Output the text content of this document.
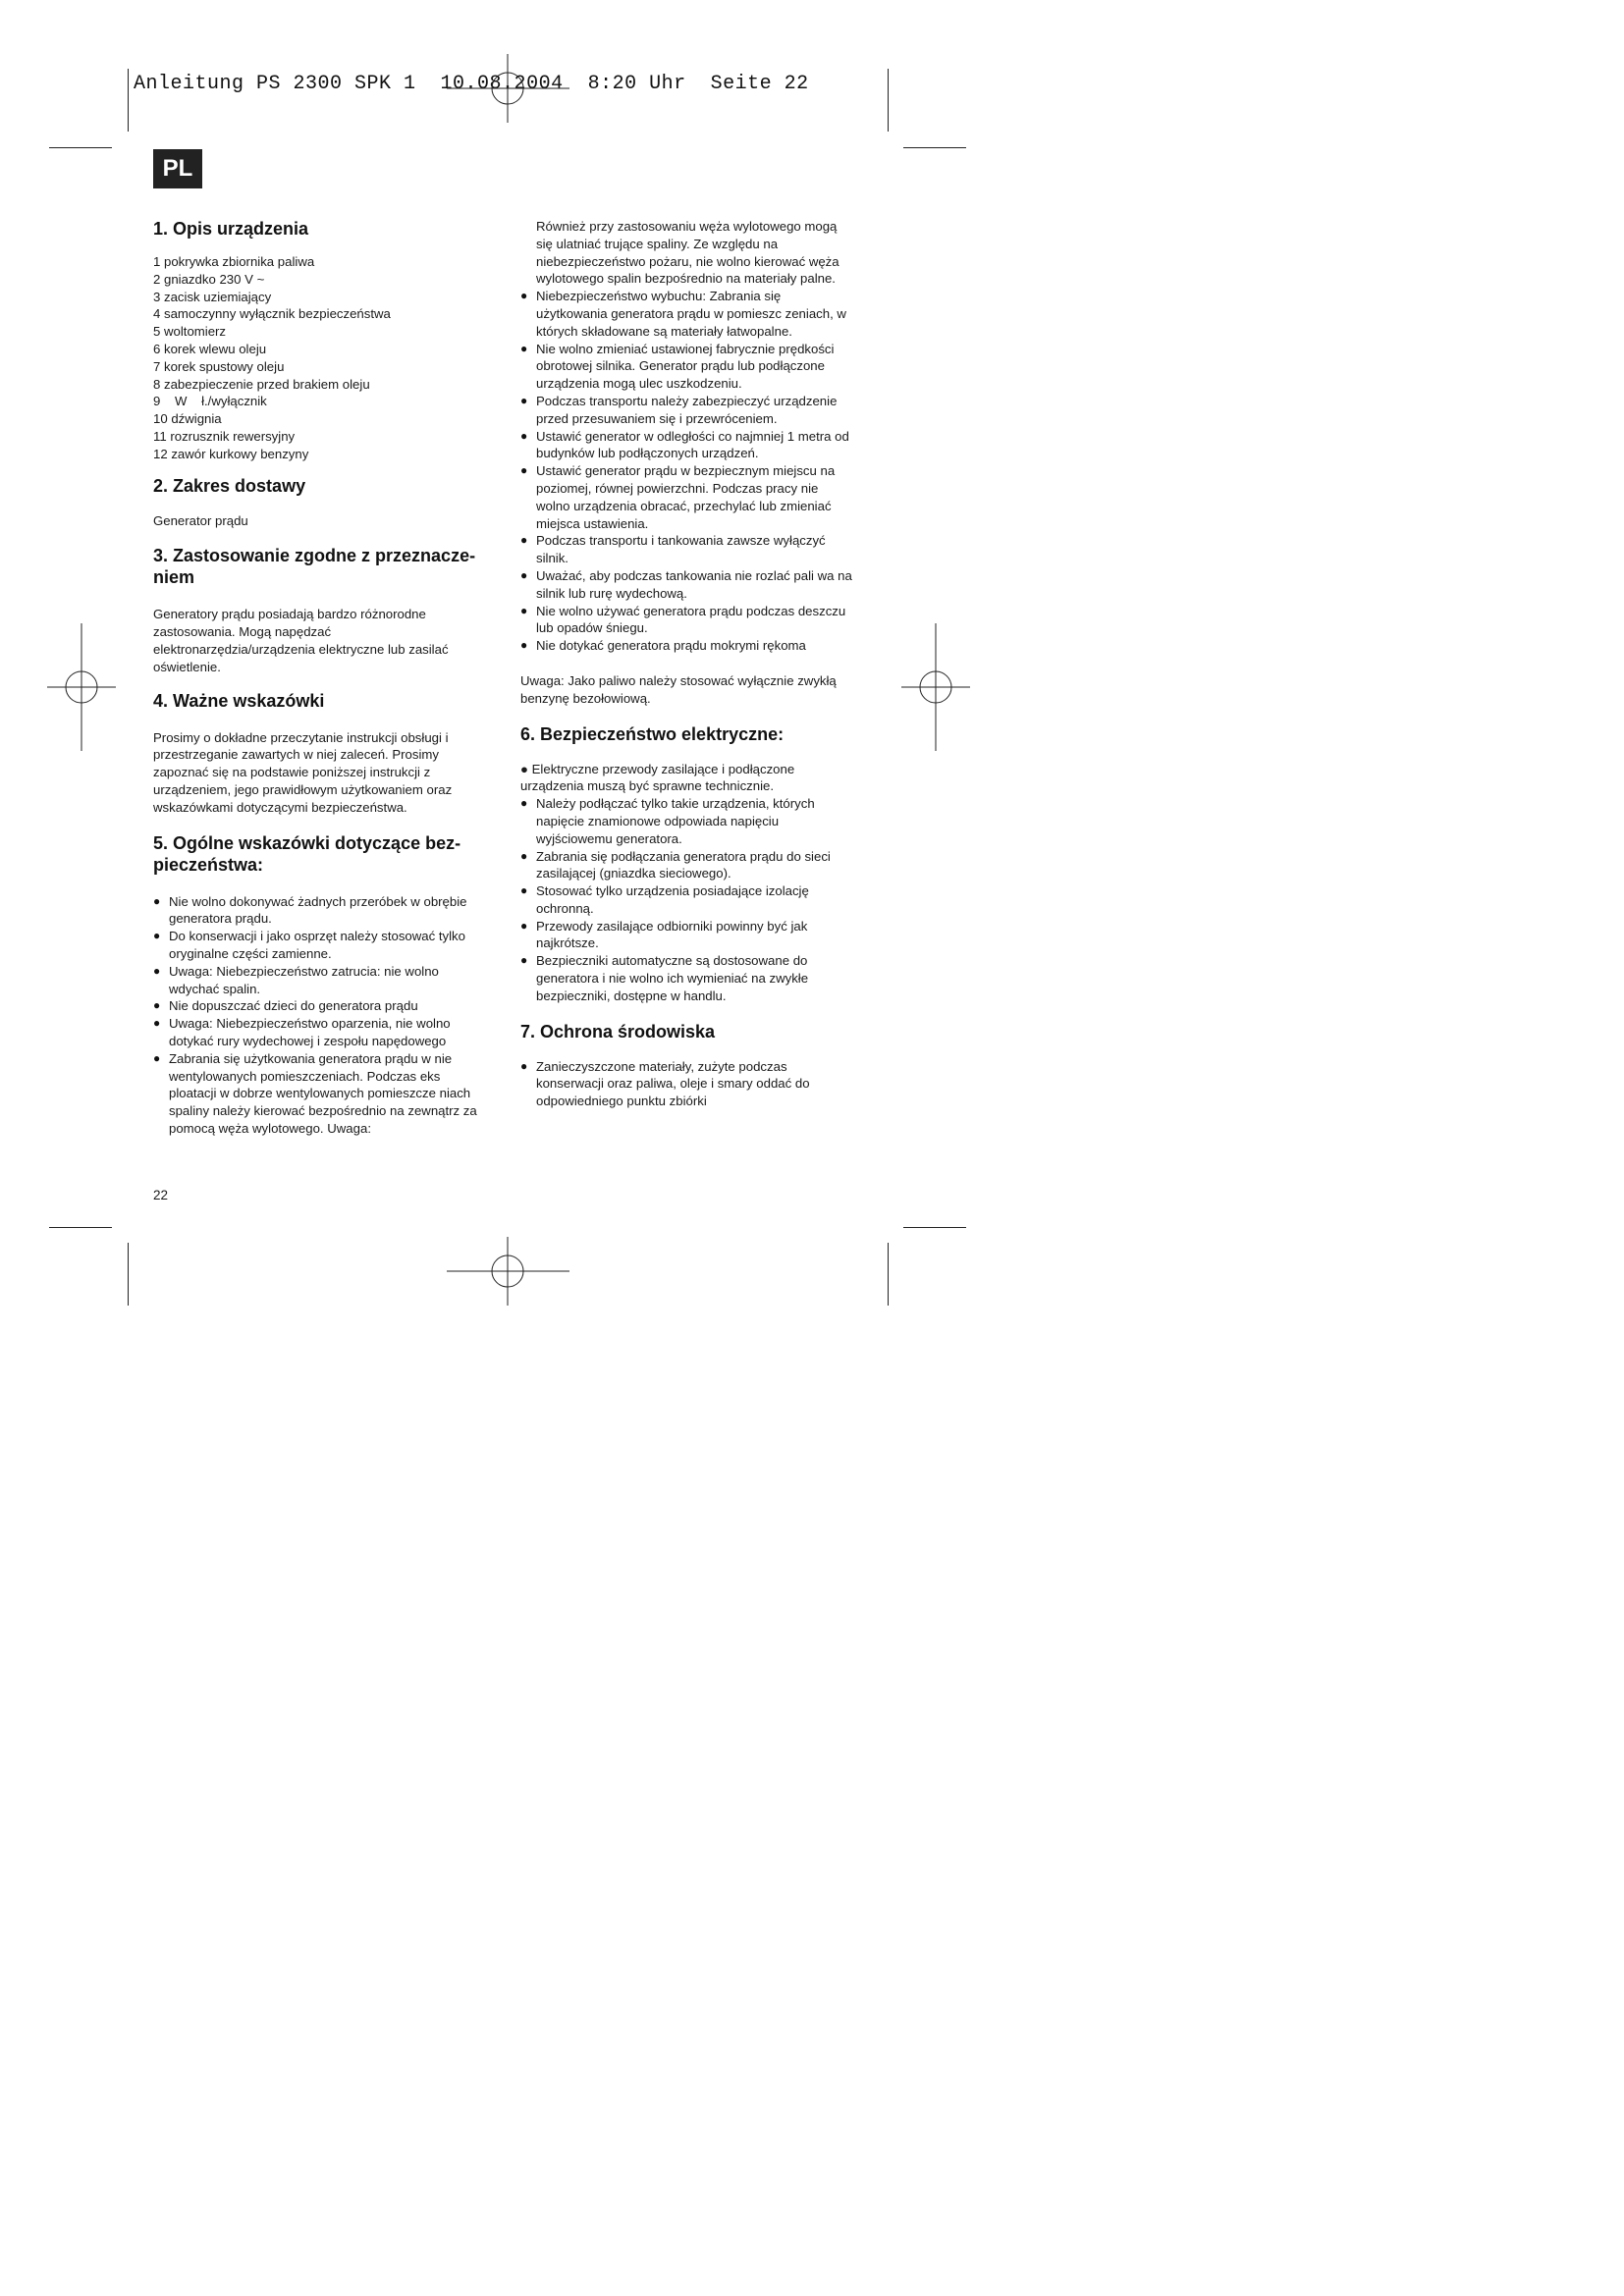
Anleitung PS 2300 SPK 1  10.08.2004  8:20 Uhr  Seite 22
PL
1. Opis urządzenia
1 pokrywka zbiornika paliwa
2 gniazdko 230 V ~
3 zacisk uziemiający
4 samoczynny wyłącznik bezpieczeństwa
5 woltomierz
6 korek wlewu oleju
7 korek spustowy oleju
8 zabezpieczenie przed brakiem oleju
9    W    ł./wyłącznik
10 dźwignia
11 rozrusznik rewersyjny
12 zawór kurkowy benzyny
2. Zakres dostawy

Generator prądu

3. Zastosowanie zgodne z przeznacze-niem

Generatory prądu posiadają bardzo różnorodne zastosowania. Mogą napędzać elektronarzędzia/urządzenia elektryczne lub zasilać oświetlenie.

4. Ważne wskazówki

Prosimy o dokładne przeczytanie instrukcji obsługi i przestrzeganie zawartych w niej zaleceń. Prosimy zapoznać się na podstawie poniższej instrukcji z urządzeniem, jego prawidłowym użytkowaniem oraz wskazówkami dotyczącymi bezpieczeństwa.

5. Ogólne wskazówki dotyczące bez-pieczeństwa:
● Nie wolno dokonywać żadnych przeróbek w obrębie generatora prądu.
● Do konserwacji i jako osprzęt należy stosować tylko oryginalne części zamienne.
● Uwaga: Niebezpieczeństwo zatrucia: nie wolno wdychać spalin.
● Nie dopuszczać dzieci do generatora prądu
● Uwaga: Niebezpieczeństwo oparzenia, nie wolno dotykać rury wydechowej i zespołu napędowego
● Zabrania się użytkowania generatora prądu w nie wentylowanych pomieszczeniach. Podczas eks ploatacji w dobrze wentylowanych pomieszcze niach spaliny należy kierować bezpośrednio na zewnątrz za pomocą węża wylotowego. Uwaga:

Również przy zastosowaniu węża wylotowego mogą się ulatniać trujące spaliny. Ze względu na niebezpieczeństwo pożaru, nie wolno kierować węża wylotowego spalin bezpośrednio na materiały palne.

● Niebezpieczeństwo wybuchu: Zabrania się użytkowania generatora prądu w pomieszc zeniach, w których składowane są materiały łatwopalne.
● Nie wolno zmieniać ustawionej fabrycznie prędkości obrotowej silnika. Generator prądu lub podłączone urządzenia mogą ulec uszkodzeniu.
● Podczas transportu należy zabezpieczyć urządzenie przed przesuwaniem się i przewróceniem.
● Ustawić generator w odległości co najmniej 1 metra od budynków lub podłączonych urządzeń.
● Ustawić generator prądu w bezpiecznym miejscu na poziomej, równej powierzchni. Podczas pracy nie wolno urządzenia obracać, przechylać lub zmieniać miejsca ustawienia.
● Podczas transportu i tankowania zawsze wyłączyć silnik.
● Uważać, aby podczas tankowania nie rozlać pali wa na silnik lub rurę wydechową.
● Nie wolno używać generatora prądu podczas deszczu lub opadów śniegu.
● Nie dotykać generatora prądu mokrymi rękoma

Uwaga: Jako paliwo należy stosować wyłącznie zwykłą benzynę bezołowiową.

6. Bezpieczeństwo elektryczne:

● Elektryczne przewody zasilające i podłączone urządzenia muszą być sprawne technicznie.

● Należy podłączać tylko takie urządzenia, których napięcie znamionowe odpowiada napięciu wyjściowemu generatora.
● Zabrania się podłączania generatora prądu do sieci zasilającej (gniazdka sieciowego).
● Stosować tylko urządzenia posiadające izolację ochronną.
● Przewody zasilające odbiorniki powinny być jak najkrótsze.
● Bezpieczniki automatyczne są dostosowane do generatora i nie wolno ich wymieniać na zwykłe bezpieczniki, dostępne w handlu.
7. Ochrona środowiska
● Zanieczyszczone materiały, zużyte podczas konserwacji oraz paliwa, oleje i smary oddać do odpowiedniego punktu zbiórki
22
